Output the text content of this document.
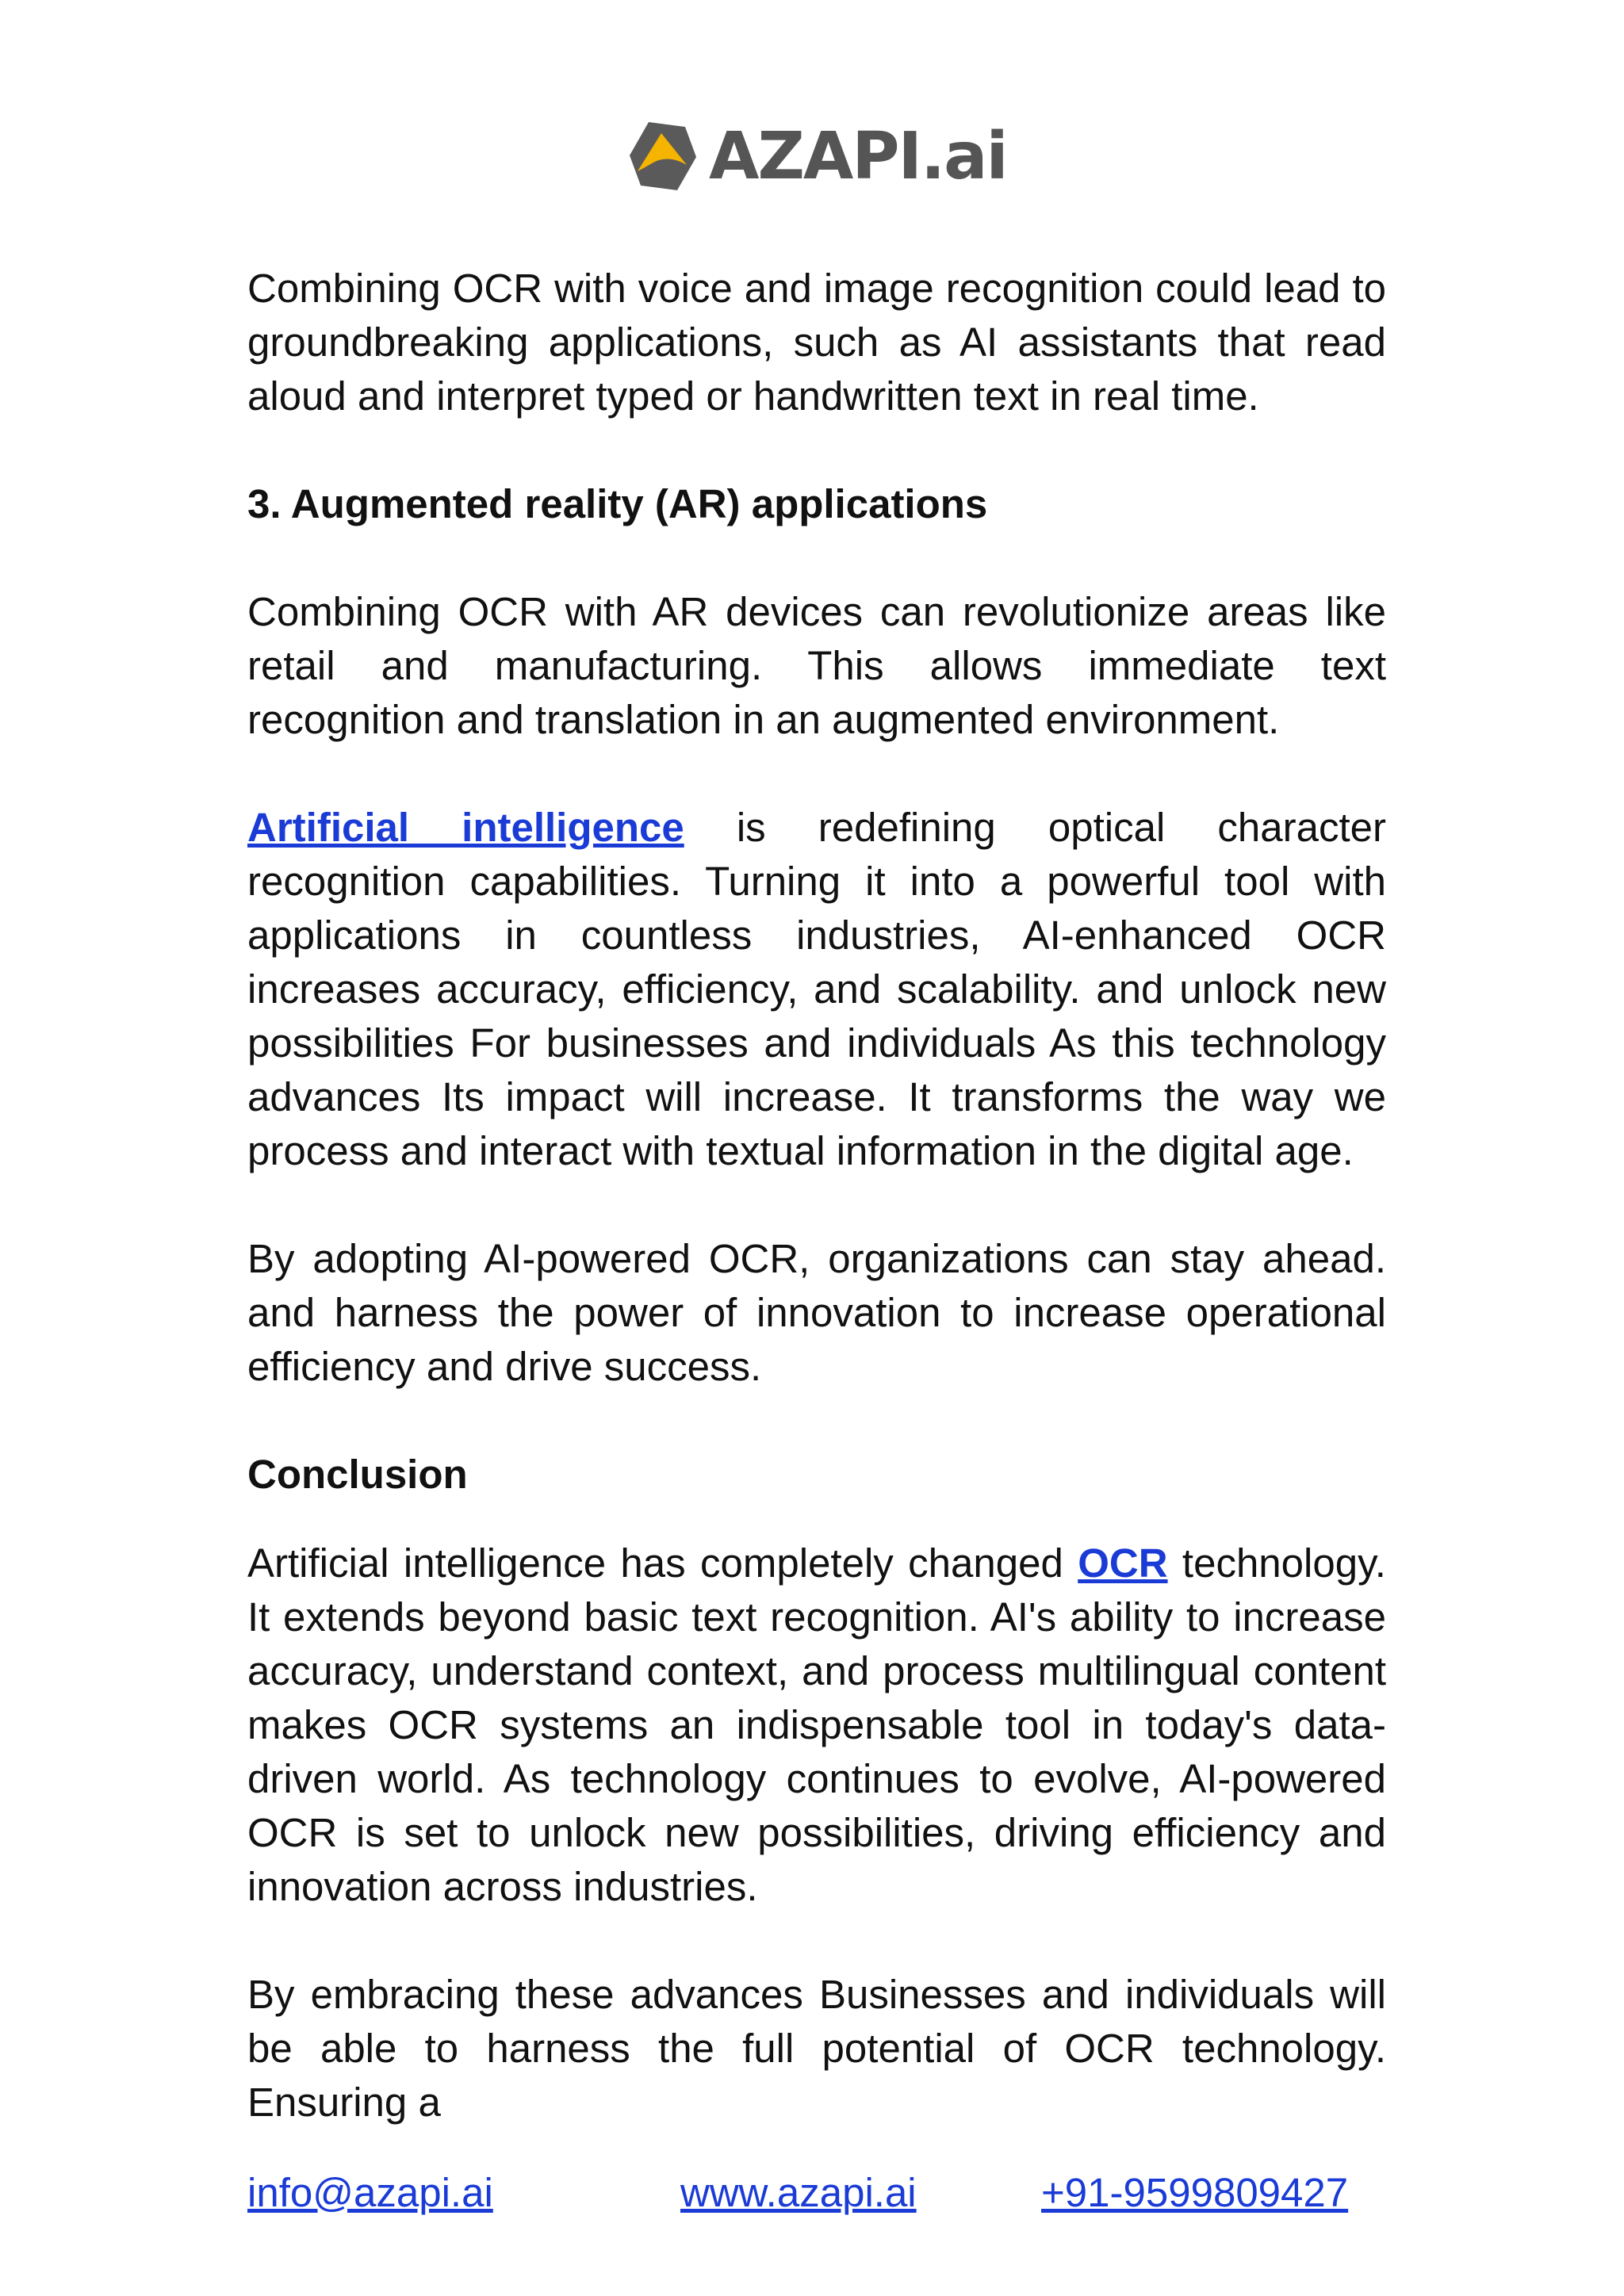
AZAPI.ai

Combining OCR with voice and image recognition could lead to groundbreaking applications, such as AI assistants that read aloud and interpret typed or handwritten text in real time.

3. Augmented reality (AR) applications

Combining OCR with AR devices can revolutionize areas like retail and manufacturing. This allows immediate text recognition and translation in an augmented environment.

Artificial intelligence is redefining optical character recognition capabilities. Turning it into a powerful tool with applications in countless industries, AI-enhanced OCR increases accuracy, efficiency, and scalability. and unlock new possibilities For businesses and individuals As this technology advances Its impact will increase. It transforms the way we process and interact with textual information in the digital age.

By adopting AI-powered OCR, organizations can stay ahead. and harness the power of innovation to increase operational efficiency and drive success.

Conclusion

Artificial intelligence has completely changed OCR technology. It extends beyond basic text recognition. AI's ability to increase accuracy, understand context, and process multilingual content makes OCR systems an indispensable tool in today's data-driven world. As technology continues to evolve, AI-powered OCR is set to unlock new possibilities, driving efficiency and innovation across industries.

By embracing these advances Businesses and individuals will be able to harness the full potential of OCR technology. Ensuring a

info@azapi.ai	www.azapi.ai	+91-9599809427
